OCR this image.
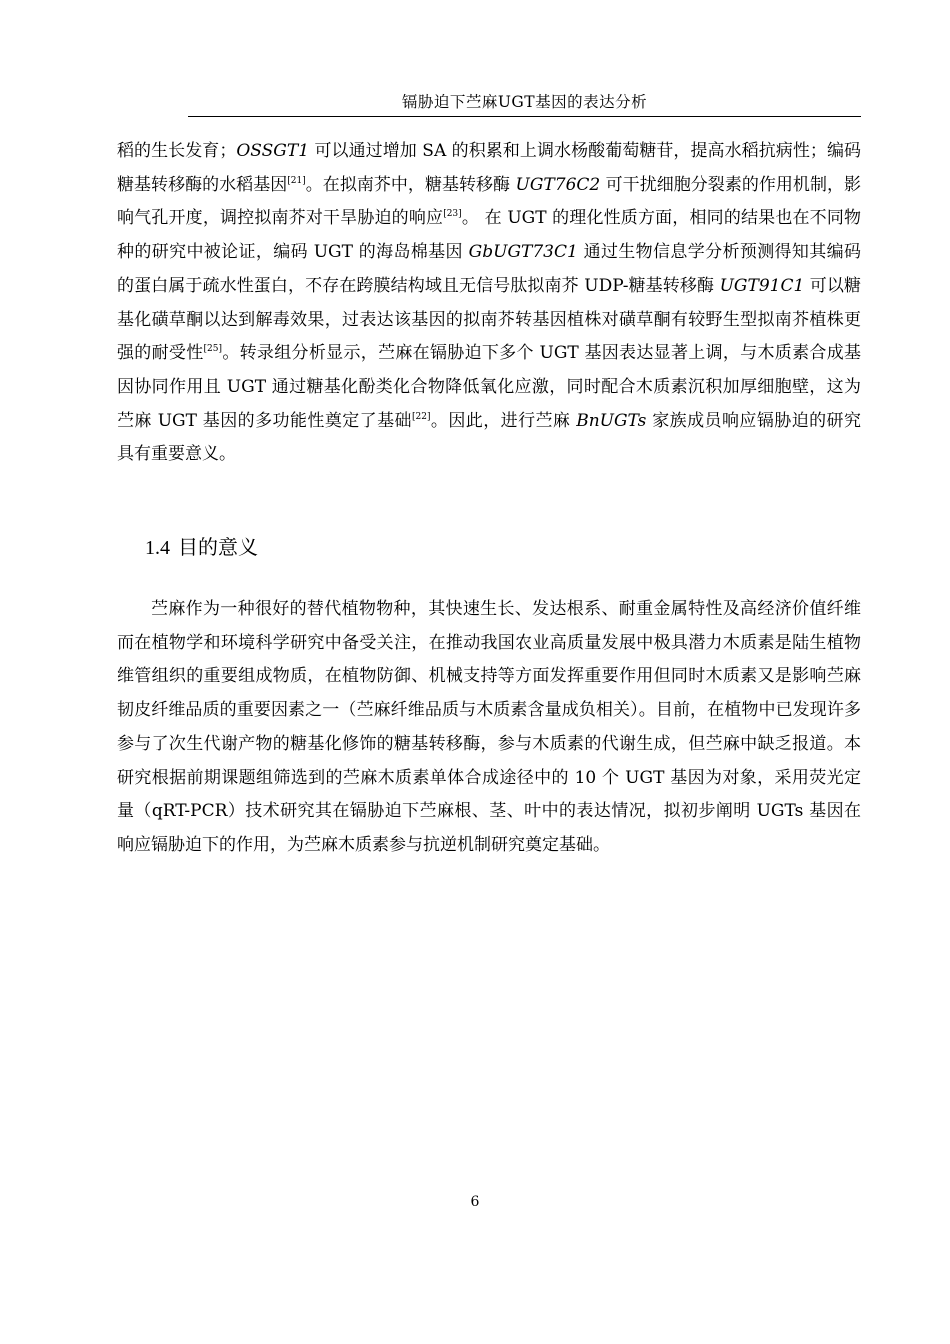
镉胁迫下苎麻UGT基因的表达分析

稻的生长发育；OSSGT1 可以通过增加 SA 的积累和上调水杨酸葡萄糖苷，提高水稻抗病性；编码糖基转移酶的水稻基因[21]。在拟南芥中，糖基转移酶 UGT76C2 可干扰细胞分裂素的作用机制，影响气孔开度，调控拟南芥对干旱胁迫的响应[23]。 在 UGT 的理化性质方面，相同的结果也在不同物种的研究中被论证，编码 UGT 的海岛棉基因 GbUGT73C1 通过生物信息学分析预测得知其编码的蛋白属于疏水性蛋白，不存在跨膜结构域且无信号肽拟南芥 UDP-糖基转移酶 UGT91C1 可以糖基化磺草酮以达到解毒效果，过表达该基因的拟南芥转基因植株对磺草酮有较野生型拟南芥植株更强的耐受性[25]。转录组分析显示，苎麻在镉胁迫下多个 UGT 基因表达显著上调，与木质素合成基因协同作用且 UGT 通过糖基化酚类化合物降低氧化应激，同时配合木质素沉积加厚细胞壁，这为苎麻 UGT 基因的多功能性奠定了基础[22]。因此，进行苎麻 BnUGTs 家族成员响应镉胁迫的研究具有重要意义。

1.4 目的意义

苎麻作为一种很好的替代植物物种，其快速生长、发达根系、耐重金属特性及高经济价值纤维而在植物学和环境科学研究中备受关注，在推动我国农业高质量发展中极具潜力木质素是陆生植物维管组织的重要组成物质，在植物防御、机械支持等方面发挥重要作用但同时木质素又是影响苎麻韧皮纤维品质的重要因素之一（苎麻纤维品质与木质素含量成负相关）。目前，在植物中已发现许多参与了次生代谢产物的糖基化修饰的糖基转移酶，参与木质素的代谢生成，但苎麻中缺乏报道。本研究根据前期课题组筛选到的苎麻木质素单体合成途径中的 10 个 UGT 基因为对象，采用荧光定量（qRT-PCR）技术研究其在镉胁迫下苎麻根、茎、叶中的表达情况，拟初步阐明 UGTs 基因在响应镉胁迫下的作用，为苎麻木质素参与抗逆机制研究奠定基础。

6
